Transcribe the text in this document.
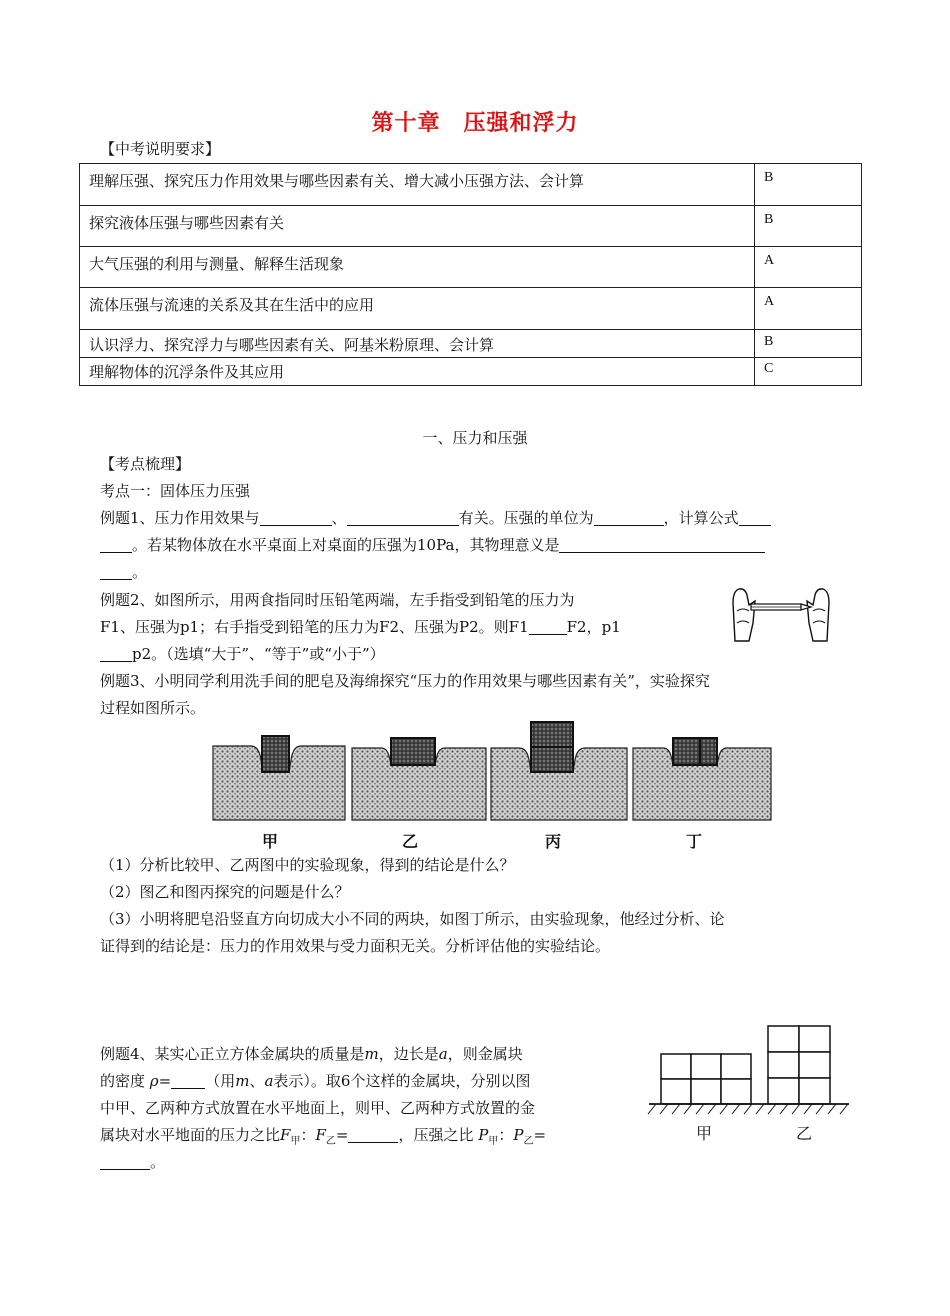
第十章　压强和浮力
【中考说明要求】
理解压强、探究压力作用效果与哪些因素有关、增大减小压强方法、会计算	B
探究液体压强与哪些因素有关	B
大气压强的利用与测量、解释生活现象	A
流体压强与流速的关系及其在生活中的应用	A
认识浮力、探究浮力与哪些因素有关、阿基米粉原理、会计算	B
理解物体的沉浮条件及其应用	C
一、压力和压强
【考点梳理】
考点一：固体压力压强
例题1、压力作用效果与	、	有关。压强的单位为	，计算公式
。若某物体放在水平桌面上对桌面的压强为10Pa，其物理意义是
。
例题2、如图所示，用两食指同时压铅笔两端，左手指受到铅笔的压力为
F1、压强为p1；右手指受到铅笔的压力为F2、压强为P2。则F1	F2，p1
p2。（选填“大于”、“等于”或“小于”）
例题3、小明同学利用洗手间的肥皂及海绵探究“压力的作用效果与哪些因素有关”，实验探究
过程如图所示。
甲	乙	丙	丁
（1）分析比较甲、乙两图中的实验现象，得到的结论是什么？
（2）图乙和图丙探究的问题是什么？
（3）小明将肥皂沿竖直方向切成大小不同的两块，如图丁所示，由实验现象，他经过分析、论
证得到的结论是：压力的作用效果与受力面积无关。分析评估他的实验结论。
例题4、某实心正立方体金属块的质量是m，边长是a，则金属块
的密度 ρ= （用m、a表示）。取6个这样的金属块，分别以图
中甲、乙两种方式放置在水平地面上，则甲、乙两种方式放置的金
属块对水平地面的压力之比$F_甲$：$F_乙=$	，压强之比 $P_甲$：$P_乙=$
。
甲	乙
